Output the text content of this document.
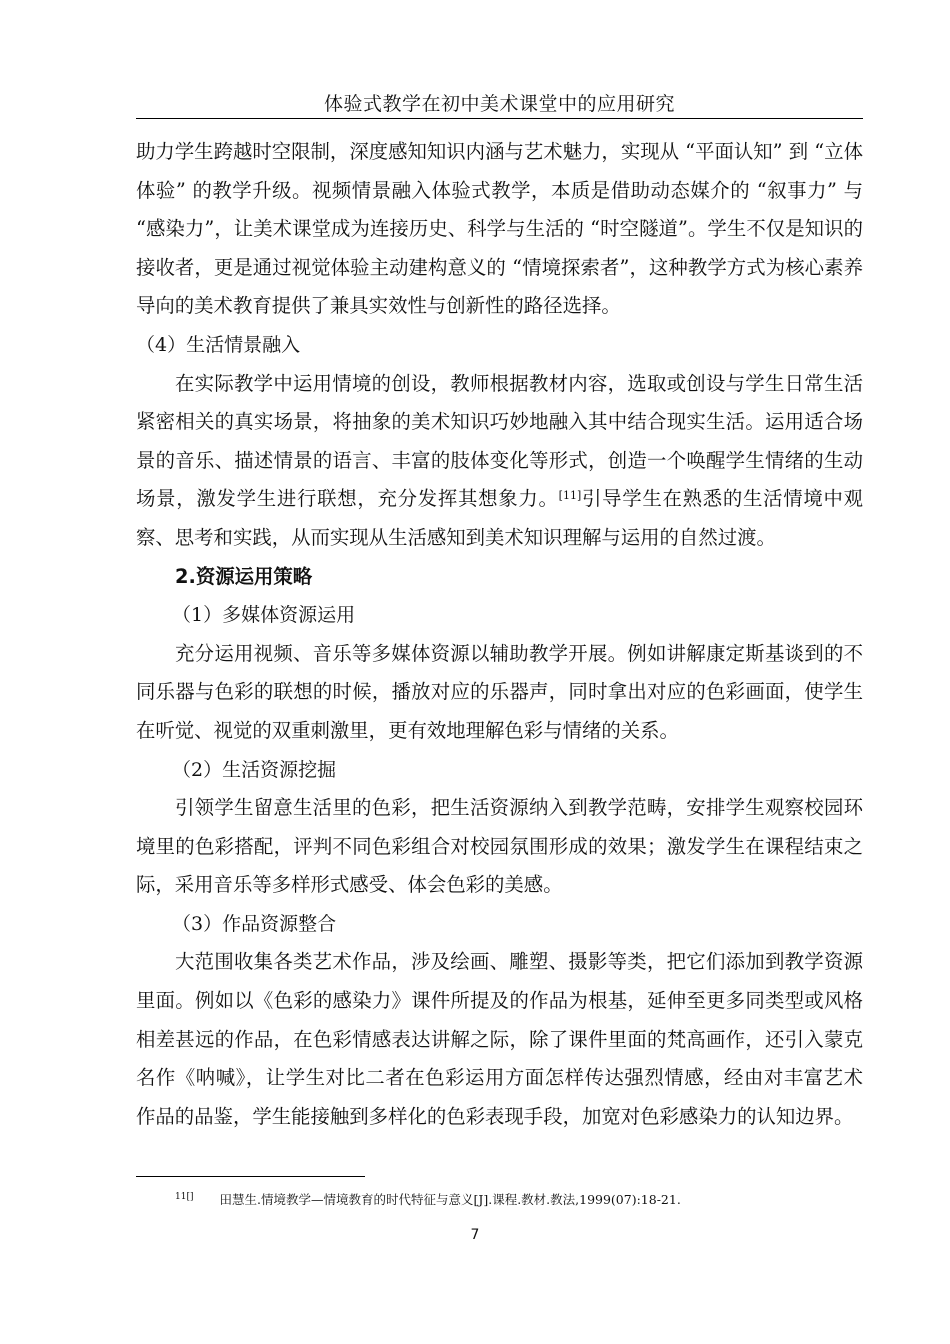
体验式教学在初中美术课堂中的应用研究

助力学生跨越时空限制，深度感知知识内涵与艺术魅力，实现从 “平面认知” 到 “立体体验” 的教学升级。视频情景融入体验式教学，本质是借助动态媒介的 “叙事力” 与 “感染力”，让美术课堂成为连接历史、科学与生活的 “时空隧道”。学生不仅是知识的接收者，更是通过视觉体验主动建构意义的 “情境探索者”，这种教学方式为核心素养导向的美术教育提供了兼具实效性与创新性的路径选择。

（4）生活情景融入

在实际教学中运用情境的创设，教师根据教材内容，选取或创设与学生日常生活紧密相关的真实场景，将抽象的美术知识巧妙地融入其中结合现实生活。运用适合场景的音乐、描述情景的语言、丰富的肢体变化等形式，创造一个唤醒学生情绪的生动场景，激发学生进行联想，充分发挥其想象力。[11]引导学生在熟悉的生活情境中观察、思考和实践，从而实现从生活感知到美术知识理解与运用的自然过渡。

2.资源运用策略
（1）多媒体资源运用

充分运用视频、音乐等多媒体资源以辅助教学开展。例如讲解康定斯基谈到的不同乐器与色彩的联想的时候，播放对应的乐器声，同时拿出对应的色彩画面，使学生在听觉、视觉的双重刺激里，更有效地理解色彩与情绪的关系。

（2）生活资源挖掘

引领学生留意生活里的色彩，把生活资源纳入到教学范畴，安排学生观察校园环境里的色彩搭配，评判不同色彩组合对校园氛围形成的效果；激发学生在课程结束之际，采用音乐等多样形式感受、体会色彩的美感。

（3）作品资源整合

大范围收集各类艺术作品，涉及绘画、雕塑、摄影等类，把它们添加到教学资源里面。例如以《色彩的感染力》课件所提及的作品为根基，延伸至更多同类型或风格相差甚远的作品，在色彩情感表达讲解之际，除了课件里面的梵高画作，还引入蒙克名作《呐喊》，让学生对比二者在色彩运用方面怎样传达强烈情感，经由对丰富艺术作品的品鉴，学生能接触到多样化的色彩表现手段，加宽对色彩感染力的认知边界。

$^{11[]}$ 田慧生.情境教学—情境教育的时代特征与意义[J].课程.教材.教法,1999(07):18-21.
7
